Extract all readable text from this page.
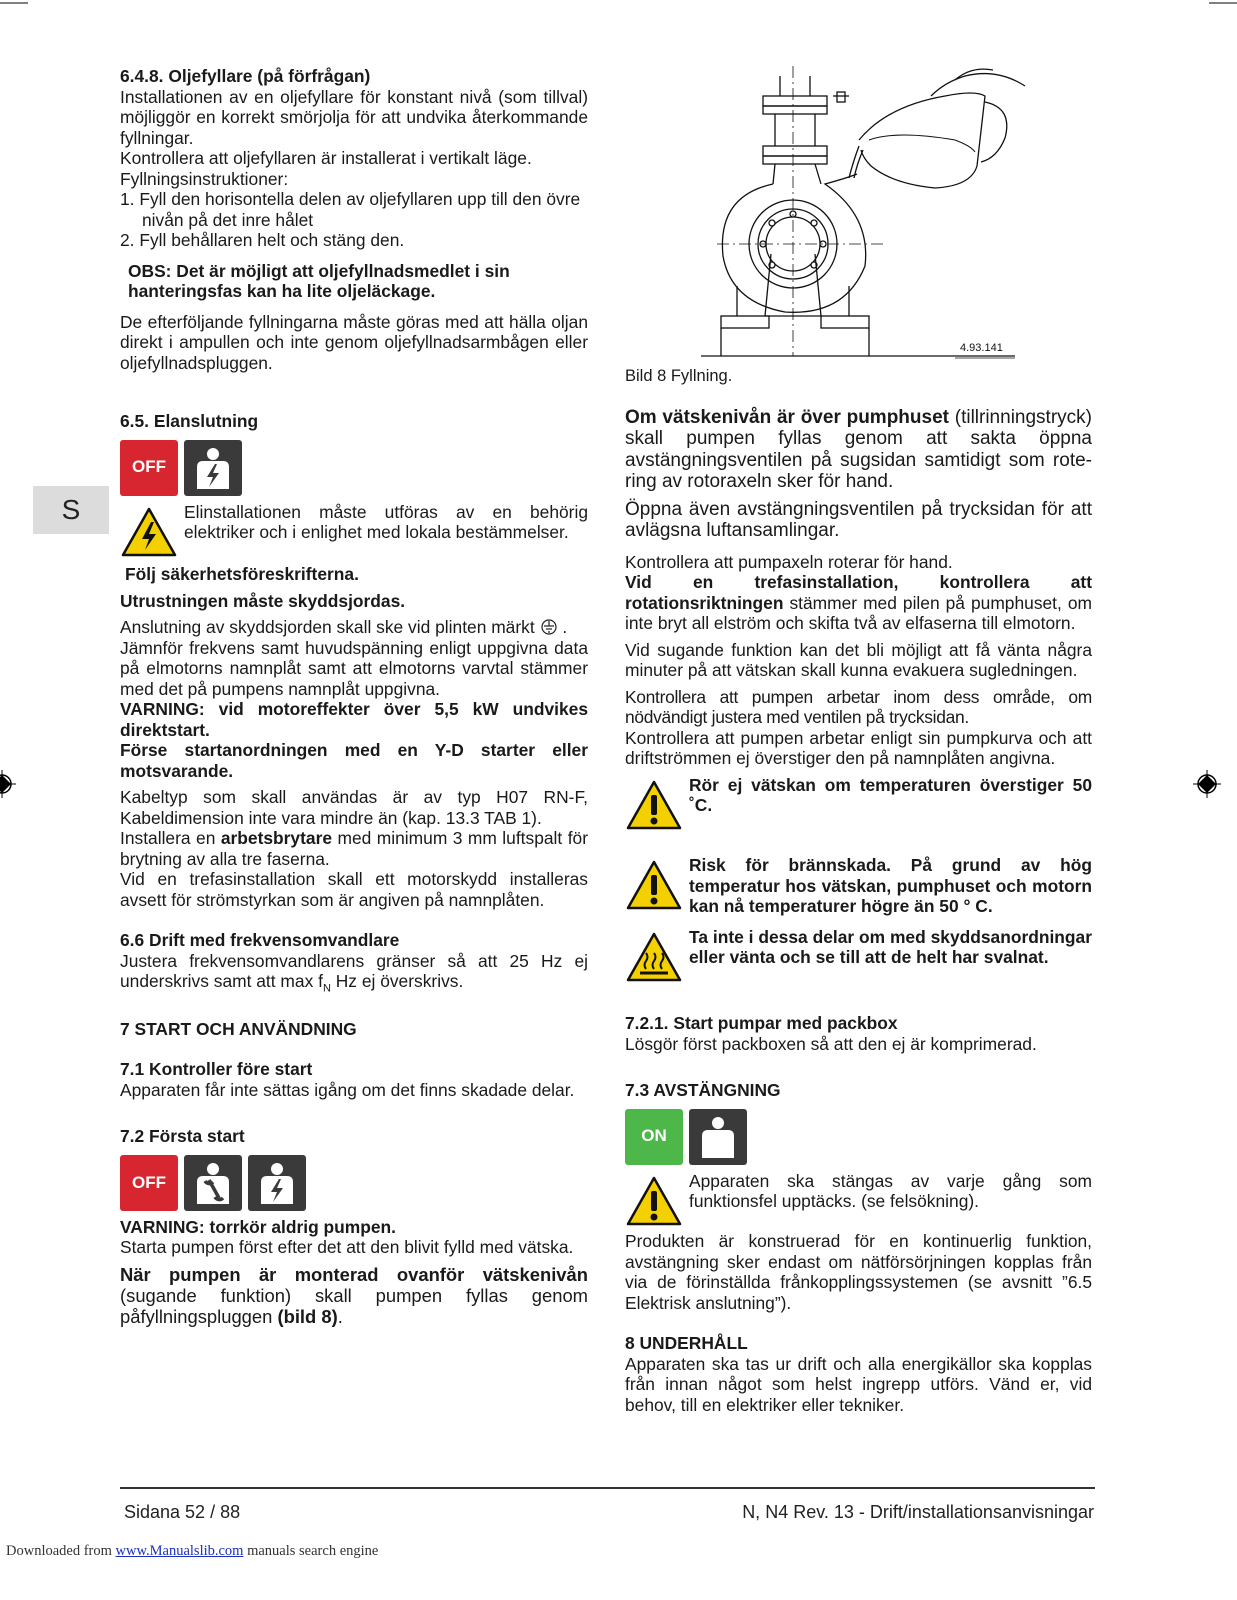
S

6.4.8. Oljefyllare (på förfrågan)

Installationen av en oljefyllare för konstant nivå (som tillval) möjliggör en korrekt smörjolja för att undvika återkommande fyllningar.

Kontrollera att oljefyllaren är installerat i vertikalt läge.

Fyllningsinstruktioner:

1. Fyll den horisontella delen av oljefyllaren upp till den övre nivån på det inre hålet
2. Fyll behållaren helt och stäng den.

OBS: Det är möjligt att oljefyllnadsmedlet i sin hanteringsfas kan ha lite oljeläckage.

De efterföljande fyllningarna måste göras med att hälla oljan direkt i ampullen och inte genom oljefyllnadsarmbågen eller oljefyllnadspluggen.

6.5. Elanslutning

OFF

Elinstallationen måste utföras av en behörig elektriker och i enlighet med lokala bestämmelser.

Följ säkerhetsföreskrifterna.

Utrustningen måste skyddsjordas.

Anslutning av skyddsjorden skall ske vid plinten märkt .

Jämnför frekvens samt huvudspänning enligt uppgivna data på elmotorns namnplåt samt att elmotorns varvtal stämmer med det på pumpens namnplåt uppgivna.

VARNING: vid motoreffekter över 5,5 kW undvikes direktstart.

Förse startanordningen med en Y-D starter eller motsvarande.

Kabeltyp som skall användas är av typ H07 RN-F, Kabeldimension inte vara mindre än (kap. 13.3 TAB 1).

Installera en arbetsbrytare med minimum 3 mm luftspalt för brytning av alla tre faserna.

Vid en trefasinstallation skall ett motorskydd installeras avsett för strömstyrkan som är angiven på namnplåten.

6.6 Drift med frekvensomvandlare

Justera frekvensomvandlarens gränser så att 25 Hz ej underskrivs samt att $\max f_N$ Hz ej överskrivs.

7 START OCH ANVÄNDNING

7.1 Kontroller före start

Apparaten får inte sättas igång om det finns skadade delar.

7.2 Första start

OFF

VARNING: torrkör aldrig pumpen.

Starta pumpen först efter det att den blivit fylld med vätska.

När pumpen är monterad ovanför vätskenivån (sugande funktion) skall pumpen fyllas genom påfyllningspluggen (bild 8).

4.93.141

Bild 8 Fyllning.

Om vätskenivån är över pumphuset (tillrinningstryck) skall pumpen fyllas genom att sakta öppna avstängningsventilen på sugsidan samtidigt som rote-ring av rotoraxeln sker för hand.

Öppna även avstängningsventilen på trycksidan för att avlägsna luftansamlingar.

Kontrollera att pumpaxeln roterar för hand.

Vid en trefasinstallation, kontrollera att rotationsriktningen stämmer med pilen på pumphuset, om inte bryt all elström och skifta två av elfaserna till elmotorn.

Vid sugande funktion kan det bli möjligt att få vänta några minuter på att vätskan skall kunna evakuera sugledningen.

Kontrollera att pumpen arbetar inom dess område, om nödvändigt justera med ventilen på trycksidan.

Kontrollera att pumpen arbetar enligt sin pumpkurva och att driftströmmen ej överstiger den på namnplåten angivna.

Rör ej vätskan om temperaturen överstiger 50 ˚C.

Risk för brännskada. På grund av hög temperatur hos vätskan, pumphuset och motorn kan nå temperaturer högre än 50 ° C.

Ta inte i dessa delar om med skyddsanordningar eller vänta och se till att de helt har svalnat.

7.2.1. Start pumpar med packbox

Lösgör först packboxen så att den ej är komprimerad.

7.3 AVSTÄNGNING

ON

Apparaten ska stängas av varje gång som funktionsfel upptäcks. (se felsökning).

Produkten är konstruerad för en kontinuerlig funktion, avstängning sker endast om nätförsörjningen kopplas från via de förinställda frånkopplingssystemen (se avsnitt ”6.5 Elektrisk anslutning”).

8 UNDERHÅLL

Apparaten ska tas ur drift och alla energikällor ska kopplas från innan något som helst ingrepp utförs. Vänd er, vid behov, till en elektriker eller tekniker.

Sidana 52 / 88	N, N4 Rev. 13 - Drift/installationsanvisningar
Downloaded from www.Manualslib.com manuals search engine
